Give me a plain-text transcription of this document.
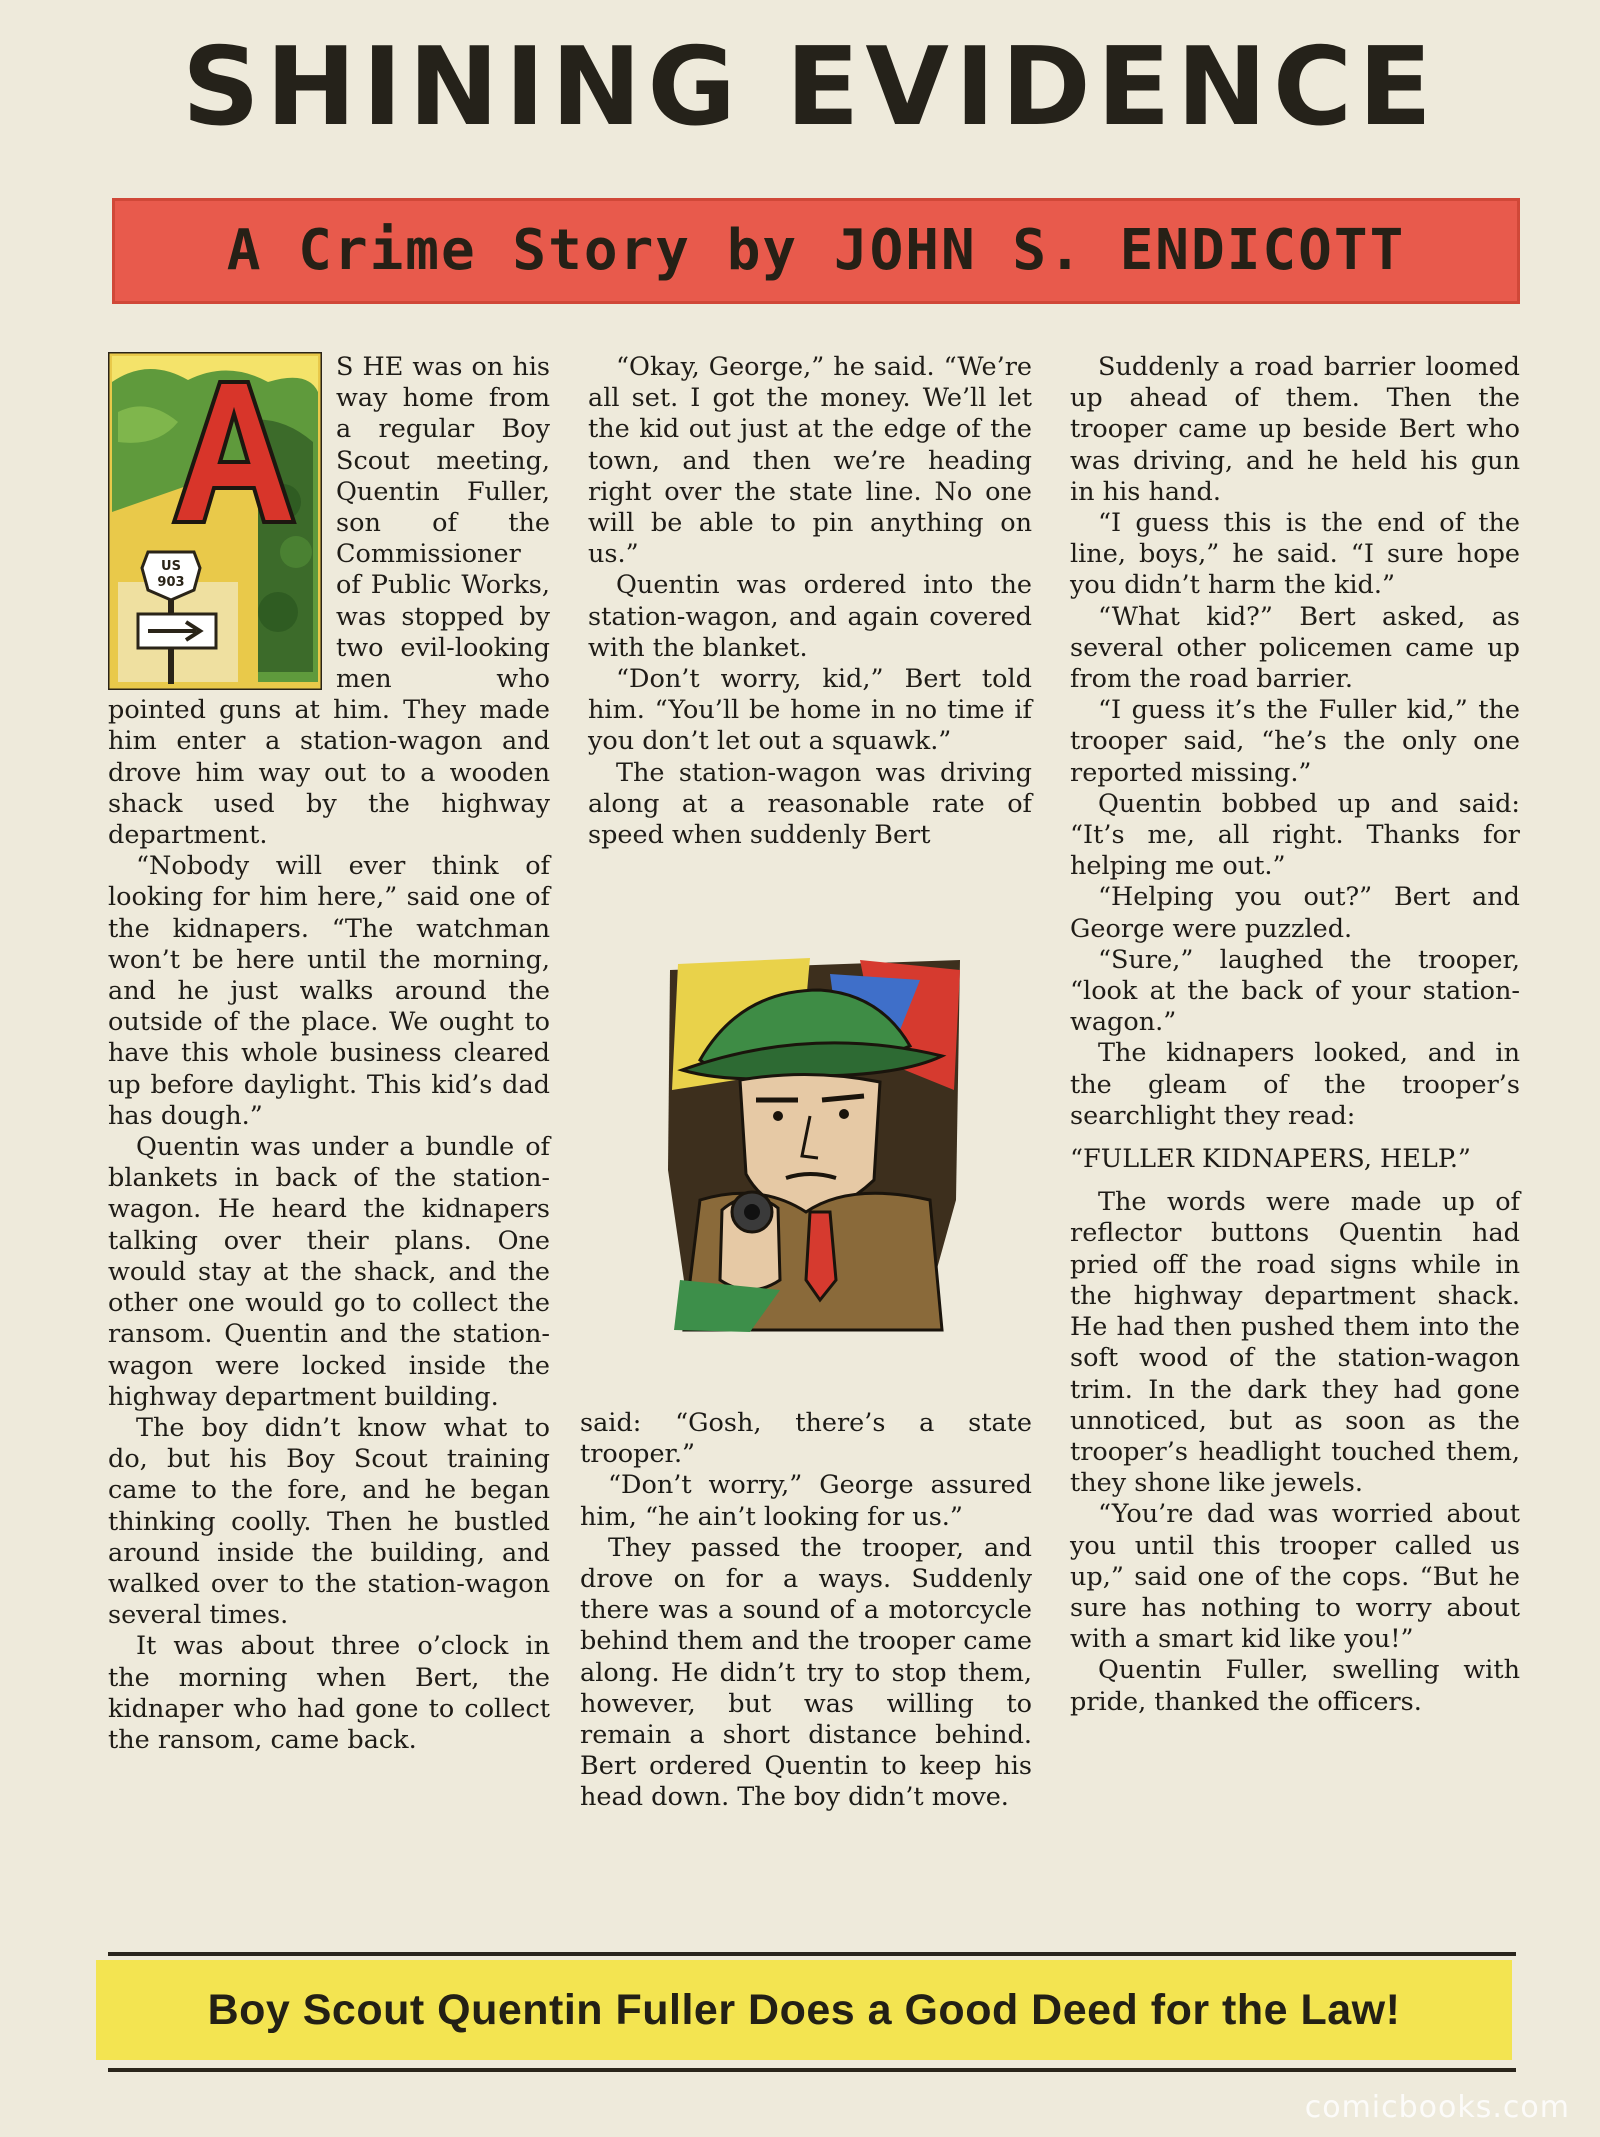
SHINING EVIDENCE
A Crime Story by JOHN S. ENDICOTT
US
903

S HE was on his way home from a regular Boy Scout meeting, Quentin Fuller, son of the Commissioner of Public Works, was stopped by two evil-looking men who pointed guns at him. They made him enter a station-wagon and drove him way out to a wooden shack used by the highway department.

“Nobody will ever think of looking for him here,” said one of the kidnapers. “The watchman won’t be here until the morning, and he just walks around the outside of the place. We ought to have this whole business cleared up before daylight. This kid’s dad has dough.”

Quentin was under a bundle of blankets in back of the station-wagon. He heard the kidnapers talking over their plans. One would stay at the shack, and the other one would go to collect the ransom. Quentin and the station-wagon were locked inside the highway department building.

The boy didn’t know what to do, but his Boy Scout training came to the fore, and he began thinking coolly. Then he bustled around inside the building, and walked over to the station-wagon several times.

It was about three o’clock in the morning when Bert, the kidnaper who had gone to collect the ransom, came back.

“Okay, George,” he said. “We’re all set. I got the money. We’ll let the kid out just at the edge of the town, and then we’re heading right over the state line. No one will be able to pin anything on us.”

Quentin was ordered into the station-wagon, and again covered with the blanket.

“Don’t worry, kid,” Bert told him. “You’ll be home in no time if you don’t let out a squawk.”

The station-wagon was driving along at a reasonable rate of speed when suddenly Bert

said: “Gosh, there’s a state trooper.”

“Don’t worry,” George assured him, “he ain’t looking for us.”

They passed the trooper, and drove on for a ways. Suddenly there was a sound of a motorcycle behind them and the trooper came along. He didn’t try to stop them, however, but was willing to remain a short distance behind. Bert ordered Quentin to keep his head down. The boy didn’t move.

Suddenly a road barrier loomed up ahead of them. Then the trooper came up beside Bert who was driving, and he held his gun in his hand.

“I guess this is the end of the line, boys,” he said. “I sure hope you didn’t harm the kid.”

“What kid?” Bert asked, as several other policemen came up from the road barrier.

“I guess it’s the Fuller kid,” the trooper said, “he’s the only one reported missing.”

Quentin bobbed up and said: “It’s me, all right. Thanks for helping me out.”

“Helping you out?” Bert and George were puzzled.

“Sure,” laughed the trooper, “look at the back of your station-wagon.”

The kidnapers looked, and in the gleam of the trooper’s searchlight they read:

“FULLER KIDNAPERS, HELP.”

The words were made up of reflector buttons Quentin had pried off the road signs while in the highway department shack. He had then pushed them into the soft wood of the station-wagon trim. In the dark they had gone unnoticed, but as soon as the trooper’s headlight touched them, they shone like jewels.

“You’re dad was worried about you until this trooper called us up,” said one of the cops. “But he sure has nothing to worry about with a smart kid like you!”

Quentin Fuller, swelling with pride, thanked the officers.

Boy Scout Quentin Fuller Does a Good Deed for the Law!
comicbooks.com
